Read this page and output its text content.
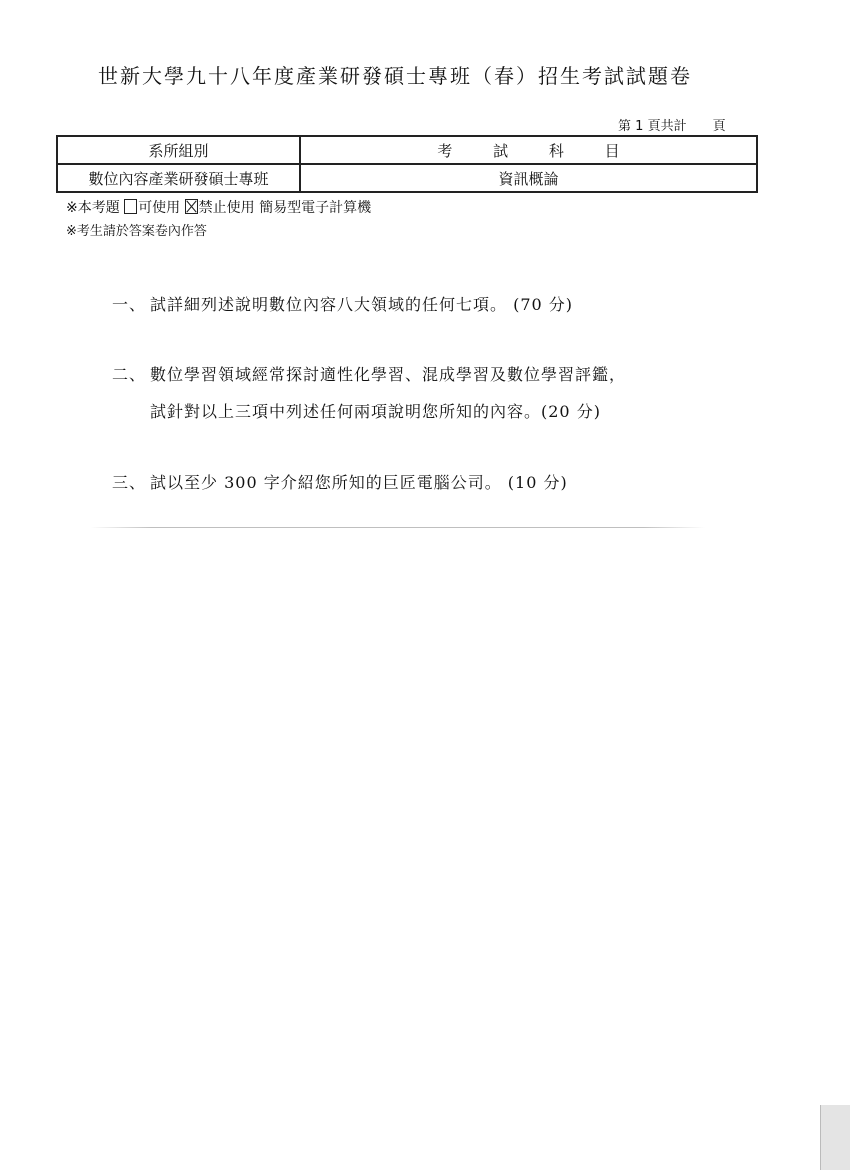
世新大學九十八年度產業研發碩士專班（春）招生考試試題卷
第 1 頁共計 頁
系所組別	考 試 科 目
數位內容產業研發碩士專班	資訊概論
※本考題 可使用 禁止使用 簡易型電子計算機
※考生請於答案卷內作答
一、 試詳細列述說明數位內容八大領域的任何七項。 (70 分)
二、 數位學習領域經常探討適性化學習、混成學習及數位學習評鑑，
試針對以上三項中列述任何兩項說明您所知的內容。(20 分)
三、 試以至少 300 字介紹您所知的巨匠電腦公司。 (10 分)
